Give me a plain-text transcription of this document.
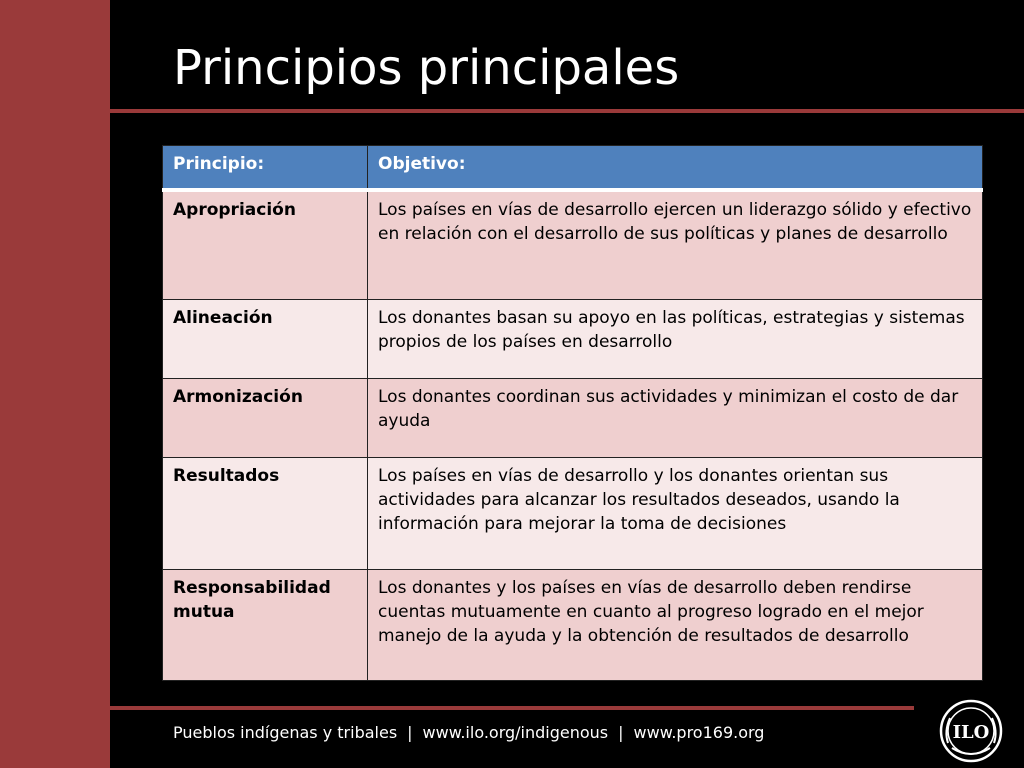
Principios principales
Principio:	Objetivo:
Apropriación	Los países en vías de desarrollo ejercen un liderazgo sólido y efectivo en relación con el desarrollo de sus políticas y planes de desarrollo
Alineación	Los donantes basan su apoyo en las políticas, estrategias y sistemas propios de los países en desarrollo
Armonización	Los donantes coordinan sus actividades y minimizan el costo de dar ayuda
Resultados	Los países en vías de desarrollo y los donantes orientan sus actividades para alcanzar los resultados deseados, usando la información para mejorar la toma de decisiones
Responsabilidad mutua	Los donantes y los países en vías de desarrollo deben rendirse cuentas mutuamente en cuanto al progreso logrado en el mejor manejo de la ayuda y la obtención de resultados de desarrollo
Pueblos indígenas y tribales | www.ilo.org/indigenous | www.pro169.org	ILO
